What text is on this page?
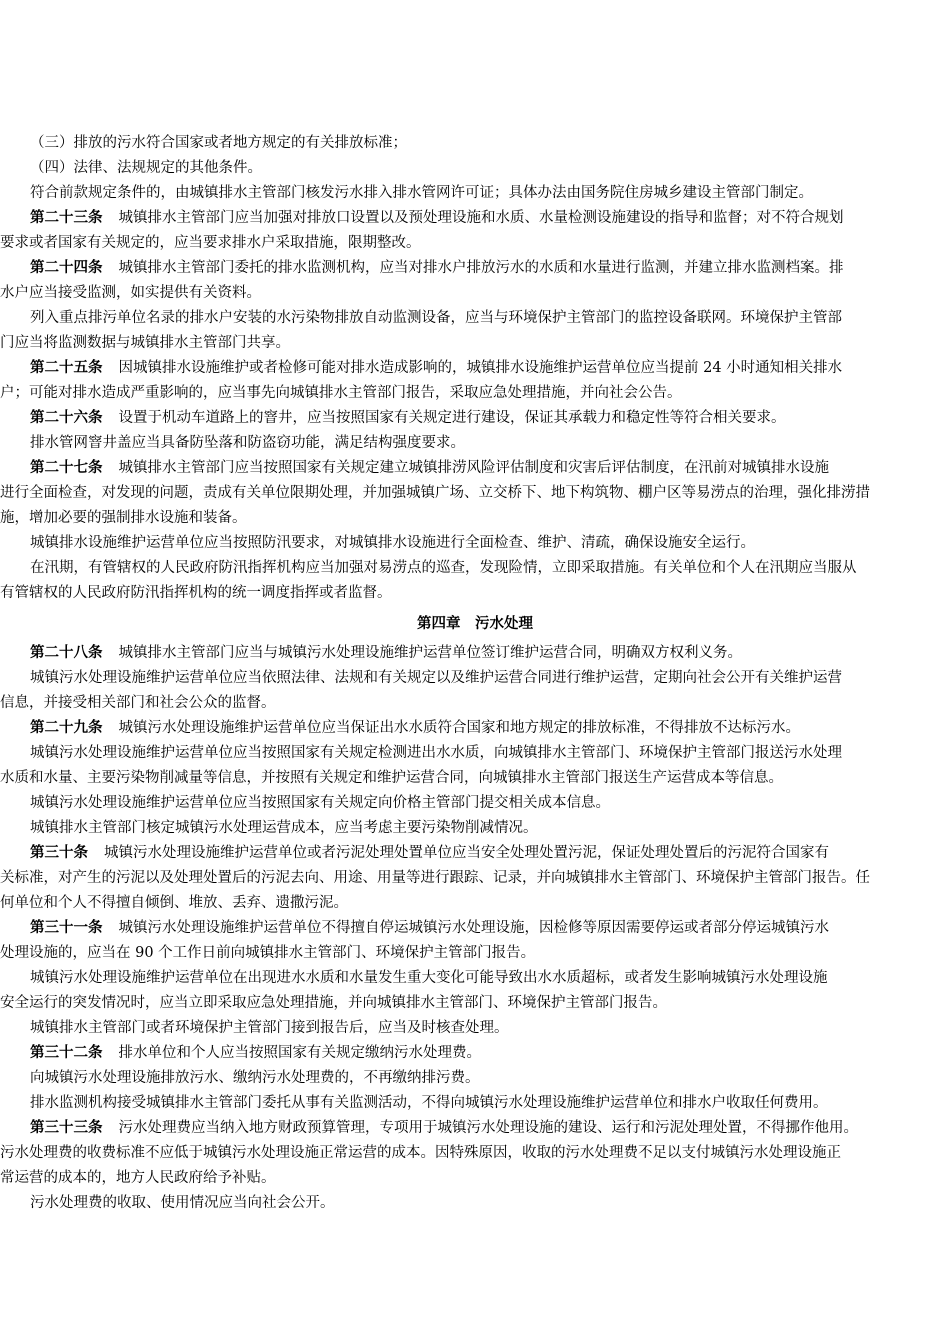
第四章　污水处理
（三）排放的污水符合国家或者地方规定的有关排放标准；
（四）法律、法规规定的其他条件。
符合前款规定条件的，由城镇排水主管部门核发污水排入排水管网许可证；具体办法由国务院住房城乡建设主管部门制定。
第二十三条 城镇排水主管部门应当加强对排放口设置以及预处理设施和水质、水量检测设施建设的指导和监督；对不符合规划
要求或者国家有关规定的，应当要求排水户采取措施，限期整改。
第二十四条 城镇排水主管部门委托的排水监测机构，应当对排水户排放污水的水质和水量进行监测，并建立排水监测档案。排
水户应当接受监测，如实提供有关资料。
列入重点排污单位名录的排水户安装的水污染物排放自动监测设备，应当与环境保护主管部门的监控设备联网。环境保护主管部
门应当将监测数据与城镇排水主管部门共享。
第二十五条 因城镇排水设施维护或者检修可能对排水造成影响的，城镇排水设施维护运营单位应当提前 24 小时通知相关排水
户；可能对排水造成严重影响的，应当事先向城镇排水主管部门报告，采取应急处理措施，并向社会公告。
第二十六条 设置于机动车道路上的窨井，应当按照国家有关规定进行建设，保证其承载力和稳定性等符合相关要求。
排水管网窨井盖应当具备防坠落和防盗窃功能，满足结构强度要求。
第二十七条 城镇排水主管部门应当按照国家有关规定建立城镇排涝风险评估制度和灾害后评估制度，在汛前对城镇排水设施
进行全面检查，对发现的问题，责成有关单位限期处理，并加强城镇广场、立交桥下、地下构筑物、棚户区等易涝点的治理，强化排涝措
施，增加必要的强制排水设施和装备。
城镇排水设施维护运营单位应当按照防汛要求，对城镇排水设施进行全面检查、维护、清疏，确保设施安全运行。
在汛期，有管辖权的人民政府防汛指挥机构应当加强对易涝点的巡查，发现险情，立即采取措施。有关单位和个人在汛期应当服从
有管辖权的人民政府防汛指挥机构的统一调度指挥或者监督。
第二十八条 城镇排水主管部门应当与城镇污水处理设施维护运营单位签订维护运营合同，明确双方权利义务。
城镇污水处理设施维护运营单位应当依照法律、法规和有关规定以及维护运营合同进行维护运营，定期向社会公开有关维护运营
信息，并接受相关部门和社会公众的监督。
第二十九条 城镇污水处理设施维护运营单位应当保证出水水质符合国家和地方规定的排放标准，不得排放不达标污水。
城镇污水处理设施维护运营单位应当按照国家有关规定检测进出水水质，向城镇排水主管部门、环境保护主管部门报送污水处理
水质和水量、主要污染物削减量等信息，并按照有关规定和维护运营合同，向城镇排水主管部门报送生产运营成本等信息。
城镇污水处理设施维护运营单位应当按照国家有关规定向价格主管部门提交相关成本信息。
城镇排水主管部门核定城镇污水处理运营成本，应当考虑主要污染物削减情况。
第三十条 城镇污水处理设施维护运营单位或者污泥处理处置单位应当安全处理处置污泥，保证处理处置后的污泥符合国家有
关标准，对产生的污泥以及处理处置后的污泥去向、用途、用量等进行跟踪、记录，并向城镇排水主管部门、环境保护主管部门报告。任
何单位和个人不得擅自倾倒、堆放、丢弃、遗撒污泥。
第三十一条 城镇污水处理设施维护运营单位不得擅自停运城镇污水处理设施，因检修等原因需要停运或者部分停运城镇污水
处理设施的，应当在 90 个工作日前向城镇排水主管部门、环境保护主管部门报告。
城镇污水处理设施维护运营单位在出现进水水质和水量发生重大变化可能导致出水水质超标，或者发生影响城镇污水处理设施
安全运行的突发情况时，应当立即采取应急处理措施，并向城镇排水主管部门、环境保护主管部门报告。
城镇排水主管部门或者环境保护主管部门接到报告后，应当及时核查处理。
第三十二条 排水单位和个人应当按照国家有关规定缴纳污水处理费。
向城镇污水处理设施排放污水、缴纳污水处理费的，不再缴纳排污费。
排水监测机构接受城镇排水主管部门委托从事有关监测活动，不得向城镇污水处理设施维护运营单位和排水户收取任何费用。
第三十三条 污水处理费应当纳入地方财政预算管理，专项用于城镇污水处理设施的建设、运行和污泥处理处置，不得挪作他用。
污水处理费的收费标准不应低于城镇污水处理设施正常运营的成本。因特殊原因，收取的污水处理费不足以支付城镇污水处理设施正
常运营的成本的，地方人民政府给予补贴。
污水处理费的收取、使用情况应当向社会公开。
